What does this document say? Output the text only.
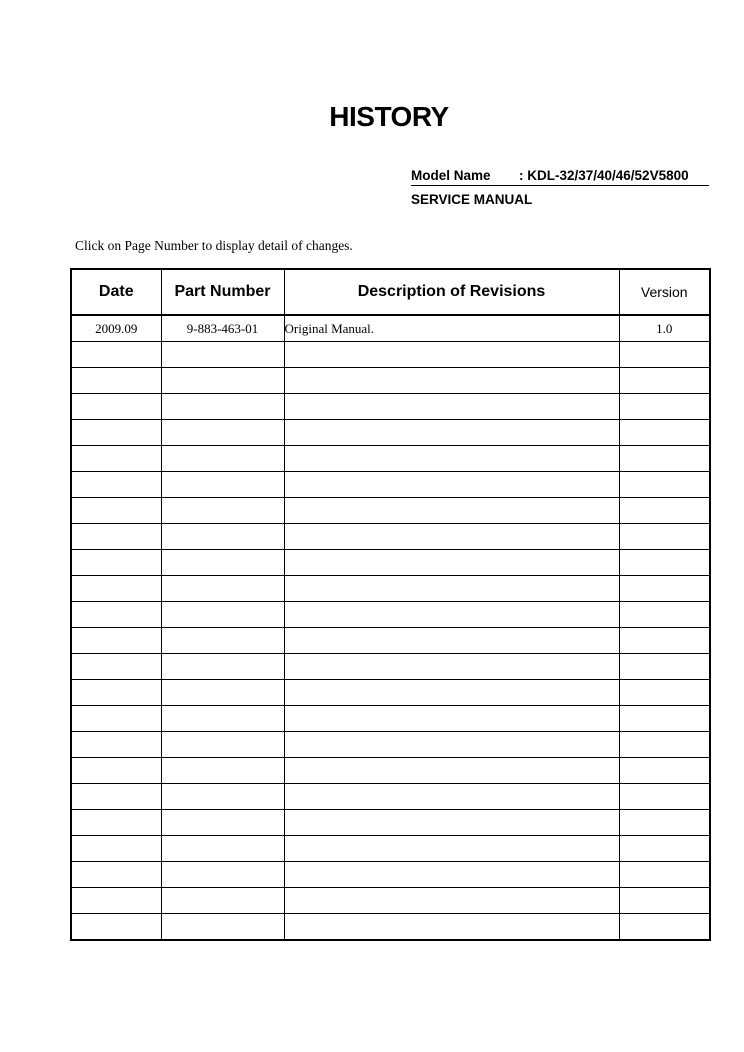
HISTORY
Model Name	: KDL-32/37/40/46/52V5800
SERVICE MANUAL
Click on Page Number to display detail of changes.
Date	Part Number	Description of Revisions	Version
2009.09	9-883-463-01	Original Manual.	1.0
